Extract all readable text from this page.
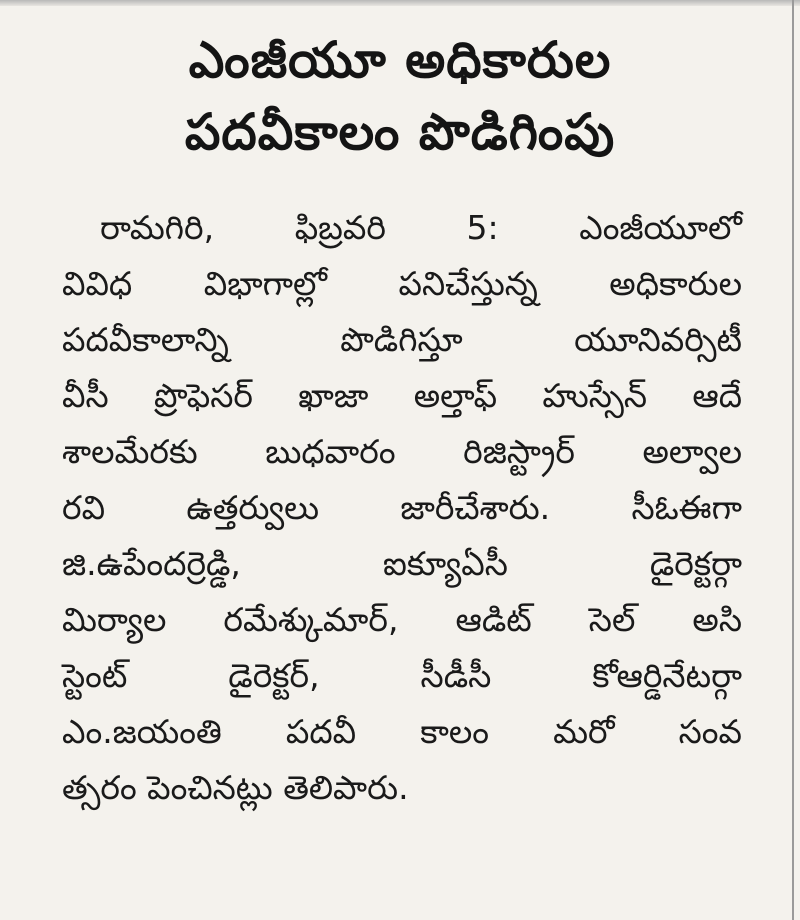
ఎంజీయూ అధికారుల
పదవీకాలం పొడిగింపు
రామగిరి, ఫిబ్రవరి 5: ఎంజీయూలో
వివిధ విభాగాల్లో పనిచేస్తున్న అధికారుల
పదవీకాలాన్ని పొడిగిస్తూ యూనివర్సిటీ
వీసీ ప్రొఫెసర్ ఖాజా అల్తాఫ్ హుస్సేన్ ఆదే
శాలమేరకు బుధవారం రిజిస్ట్రార్ అల్వాల
రవి ఉత్తర్వులు జారీచేశారు. సీఓఈగా
జి.ఉపేందర్రెడ్డి, ఐక్యూఏసీ డైరెక్టర్గా
మిర్యాల రమేశ్కుమార్, ఆడిట్ సెల్ అసి
స్టెంట్ డైరెక్టర్, సీడీసీ కోఆర్డినేటర్గా
ఎం.జయంతి పదవీ కాలం మరో సంవ
త్సరం పెంచినట్లు తెలిపారు.
